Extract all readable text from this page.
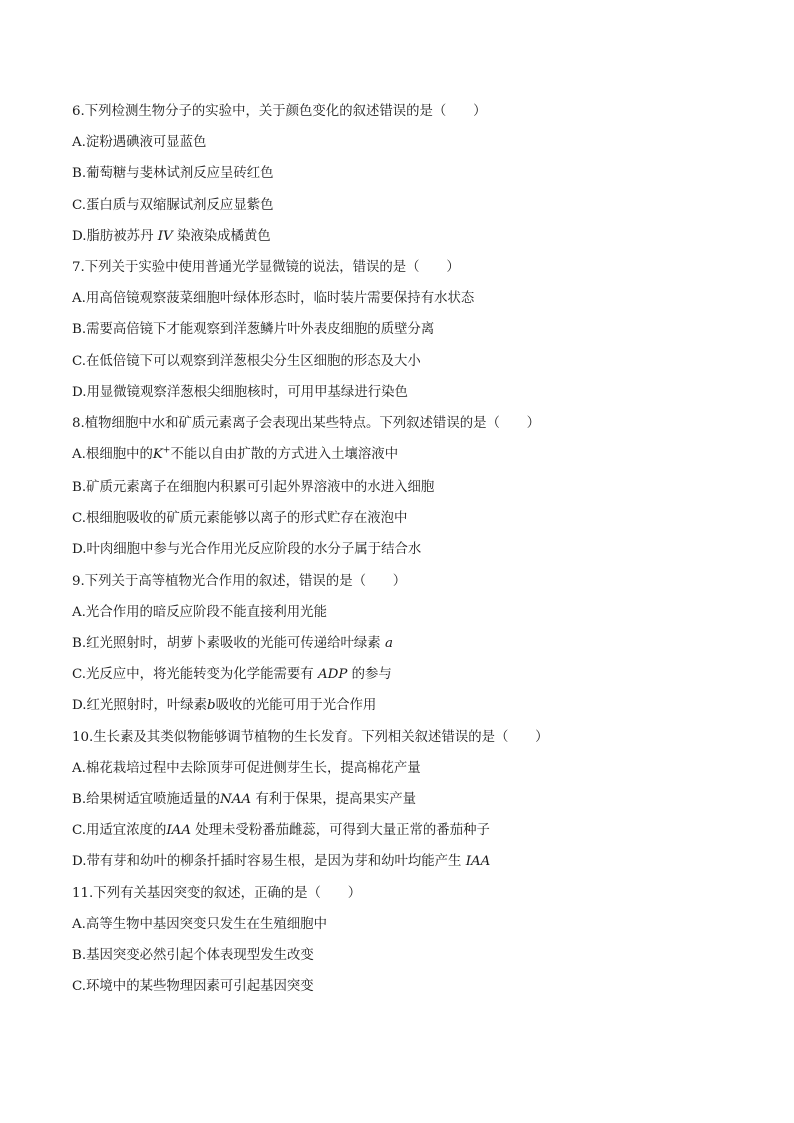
6.下列检测生物分子的实验中，关于颜色变化的叙述错误的是（　　）
A.淀粉遇碘液可显蓝色
B.葡萄糖与斐林试剂反应呈砖红色
C.蛋白质与双缩脲试剂反应显紫色
D.脂肪被苏丹 IV 染液染成橘黄色
7.下列关于实验中使用普通光学显微镜的说法，错误的是（　　）
A.用高倍镜观察菠菜细胞叶绿体形态时，临时装片需要保持有水状态
B.需要高倍镜下才能观察到洋葱鳞片叶外表皮细胞的质壁分离
C.在低倍镜下可以观察到洋葱根尖分生区细胞的形态及大小
D.用显微镜观察洋葱根尖细胞核时，可用甲基绿进行染色
8.植物细胞中水和矿质元素离子会表现出某些特点。下列叙述错误的是（　　）
A.根细胞中的K+不能以自由扩散的方式进入土壤溶液中
B.矿质元素离子在细胞内积累可引起外界溶液中的水进入细胞
C.根细胞吸收的矿质元素能够以离子的形式贮存在液泡中
D.叶肉细胞中参与光合作用光反应阶段的水分子属于结合水
9.下列关于高等植物光合作用的叙述，错误的是（　　）
A.光合作用的暗反应阶段不能直接利用光能
B.红光照射时，胡萝卜素吸收的光能可传递给叶绿素 a
C.光反应中，将光能转变为化学能需要有 ADP 的参与
D.红光照射时，叶绿素b吸收的光能可用于光合作用
10.生长素及其类似物能够调节植物的生长发育。下列相关叙述错误的是（　　）
A.棉花栽培过程中去除顶芽可促进侧芽生长，提高棉花产量
B.给果树适宜喷施适量的NAA 有利于保果，提高果实产量
C.用适宜浓度的IAA 处理未受粉番茄雌蕊，可得到大量正常的番茄种子
D.带有芽和幼叶的柳条扦插时容易生根，是因为芽和幼叶均能产生 IAA
11.下列有关基因突变的叙述，正确的是（　　）
A.高等生物中基因突变只发生在生殖细胞中
B.基因突变必然引起个体表现型发生改变
C.环境中的某些物理因素可引起基因突变
